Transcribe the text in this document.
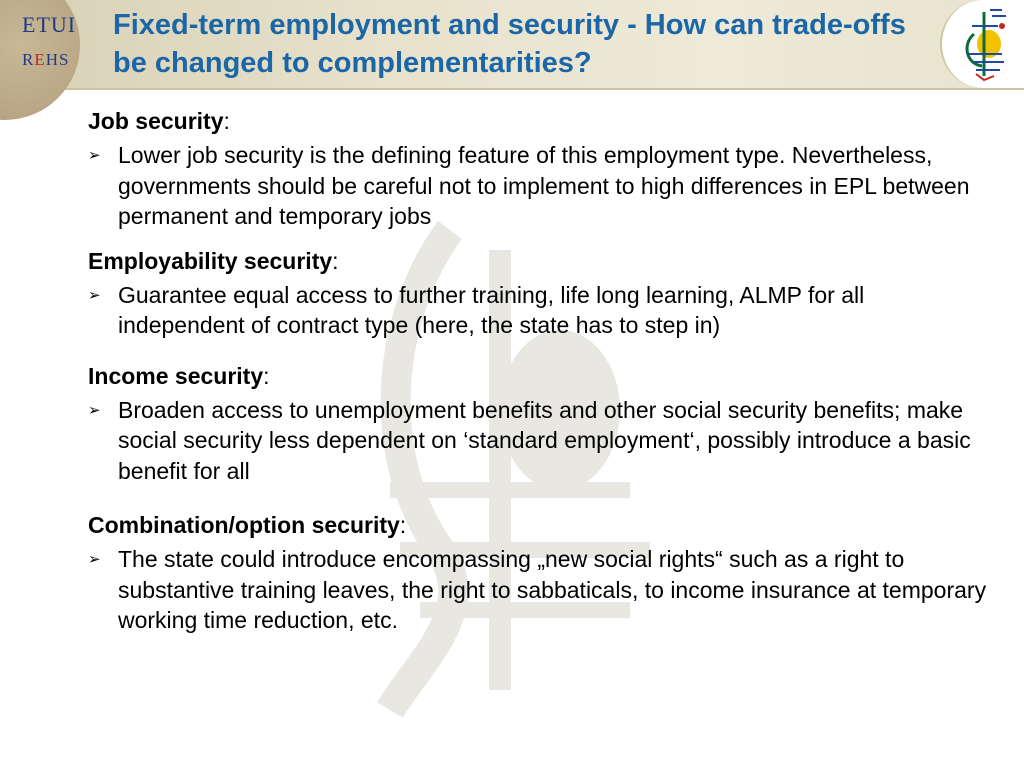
ETUI
REHS
Fixed-term employment and security - How can trade-offs be changed to complementarities?
Job security:
➢ Lower job security is the defining feature of this employment type. Nevertheless, governments should be careful not to implement to high differences in EPL between permanent and temporary jobs
Employability security:
➢ Guarantee equal access to further training, life long learning, ALMP for all independent of contract type (here, the state has to step in)
Income security:
➢ Broaden access to unemployment benefits and other social security benefits; make social security less dependent on ‘standard employment‘, possibly introduce a basic benefit for all
Combination/option security:
➢ The state could introduce encompassing „new social rights“ such as a right to substantive training leaves, the right to sabbaticals, to income insurance at temporary working time reduction, etc.
